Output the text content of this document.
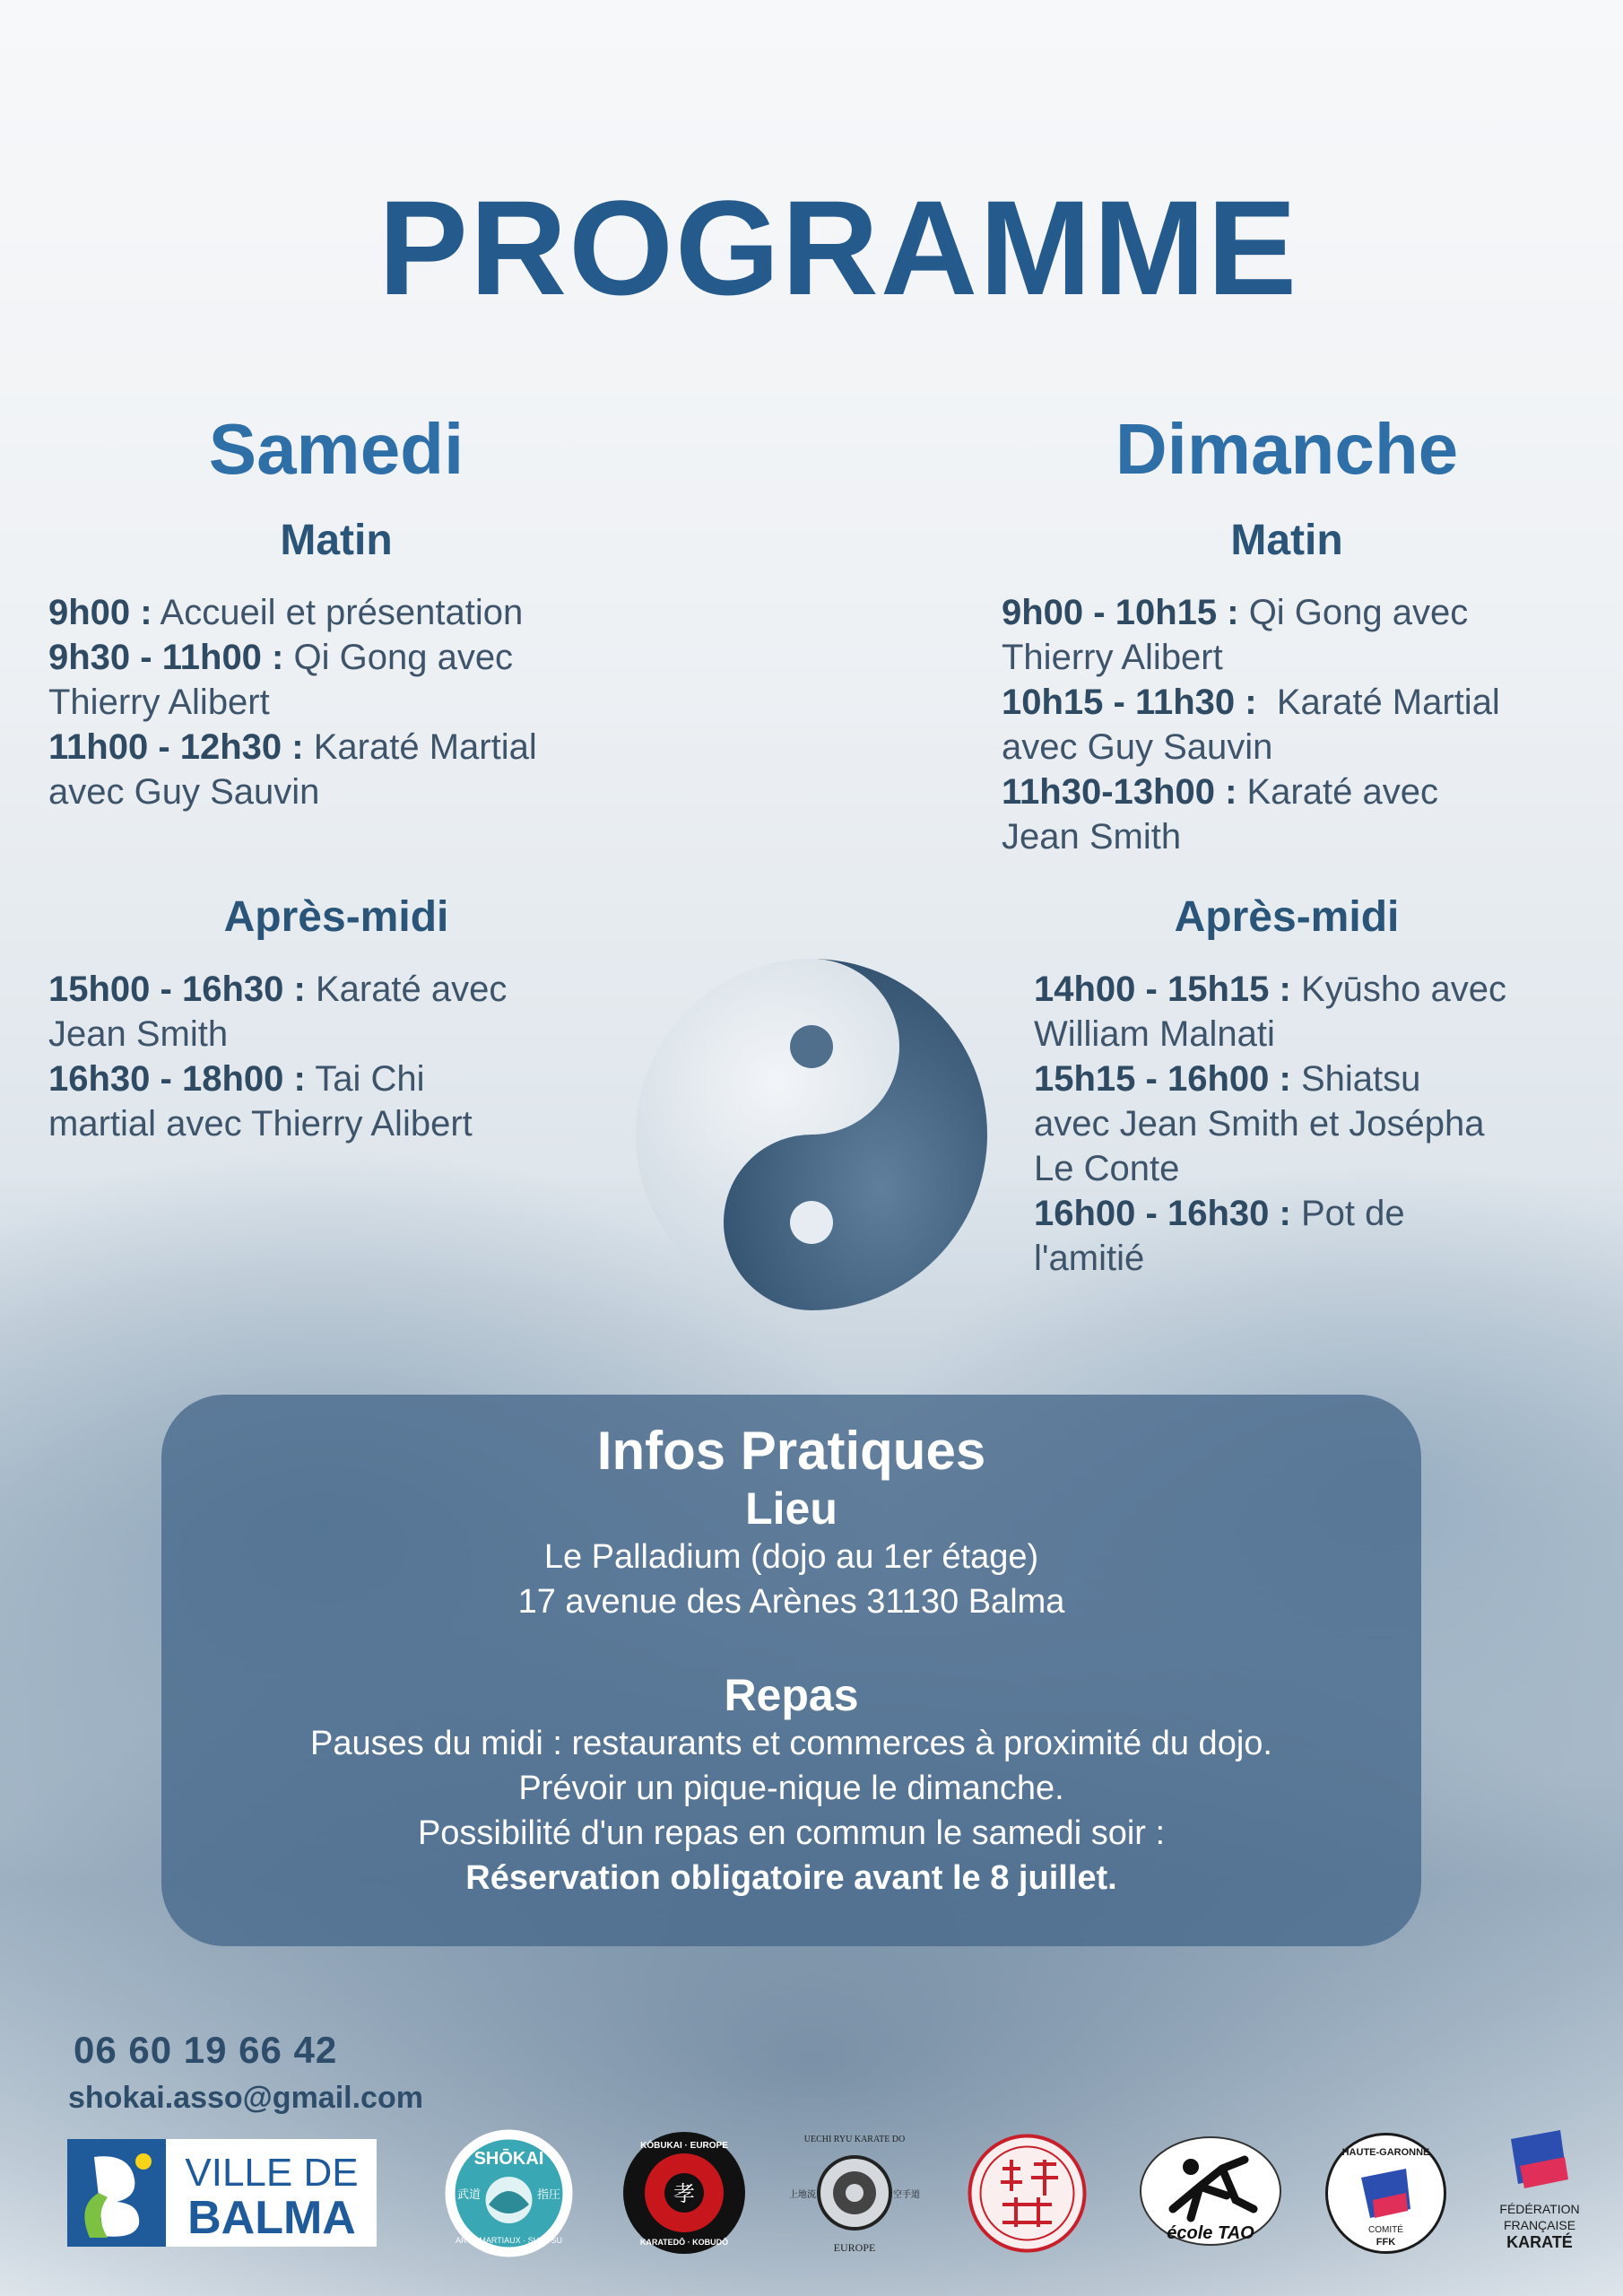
PROGRAMME
Samedi
Matin
9h00 : Accueil et présentation
9h30 - 11h00 : Qi Gong avec
Thierry Alibert
11h00 - 12h30 : Karaté Martial
avec Guy Sauvin
Après-midi
15h00 - 16h30 : Karaté avec
Jean Smith
16h30 - 18h00 : Tai Chi
martial avec Thierry Alibert
Dimanche
Matin
9h00 - 10h15 : Qi Gong avec
Thierry Alibert
10h15 - 11h30 :  Karaté Martial
avec Guy Sauvin
11h30-13h00 : Karaté avec
Jean Smith
Après-midi
14h00 - 15h15 : Kyūsho avec
William Malnati
15h15 - 16h00 : Shiatsu
avec Jean Smith et Josépha
Le Conte
16h00 - 16h30 : Pot de
l'amitié
Infos Pratiques
Lieu
Le Palladium (dojo au 1er étage)
17 avenue des Arènes 31130 Balma
Repas
Pauses du midi : restaurants et commerces à proximité du dojo.
Prévoir un pique-nique le dimanche.
Possibilité d'un repas en commun le samedi soir :
Réservation obligatoire avant le 8 juillet.
06 60 19 66 42
shokai.asso@gmail.com
VILLE DE
BALMA
SHŌKAI
武道	指圧
ARTS MARTIAUX · SHIATSU
孝
KŌBUKAI · EUROPE
KARATEDŌ · KOBUDŌ
UECHI RYU KARATE DO
上地流	空手道
EUROPE
école TAO
HAUTE-GARONNE
COMITÉ
FFK
FÉDÉRATION
FRANÇAISE
KARATÉ
